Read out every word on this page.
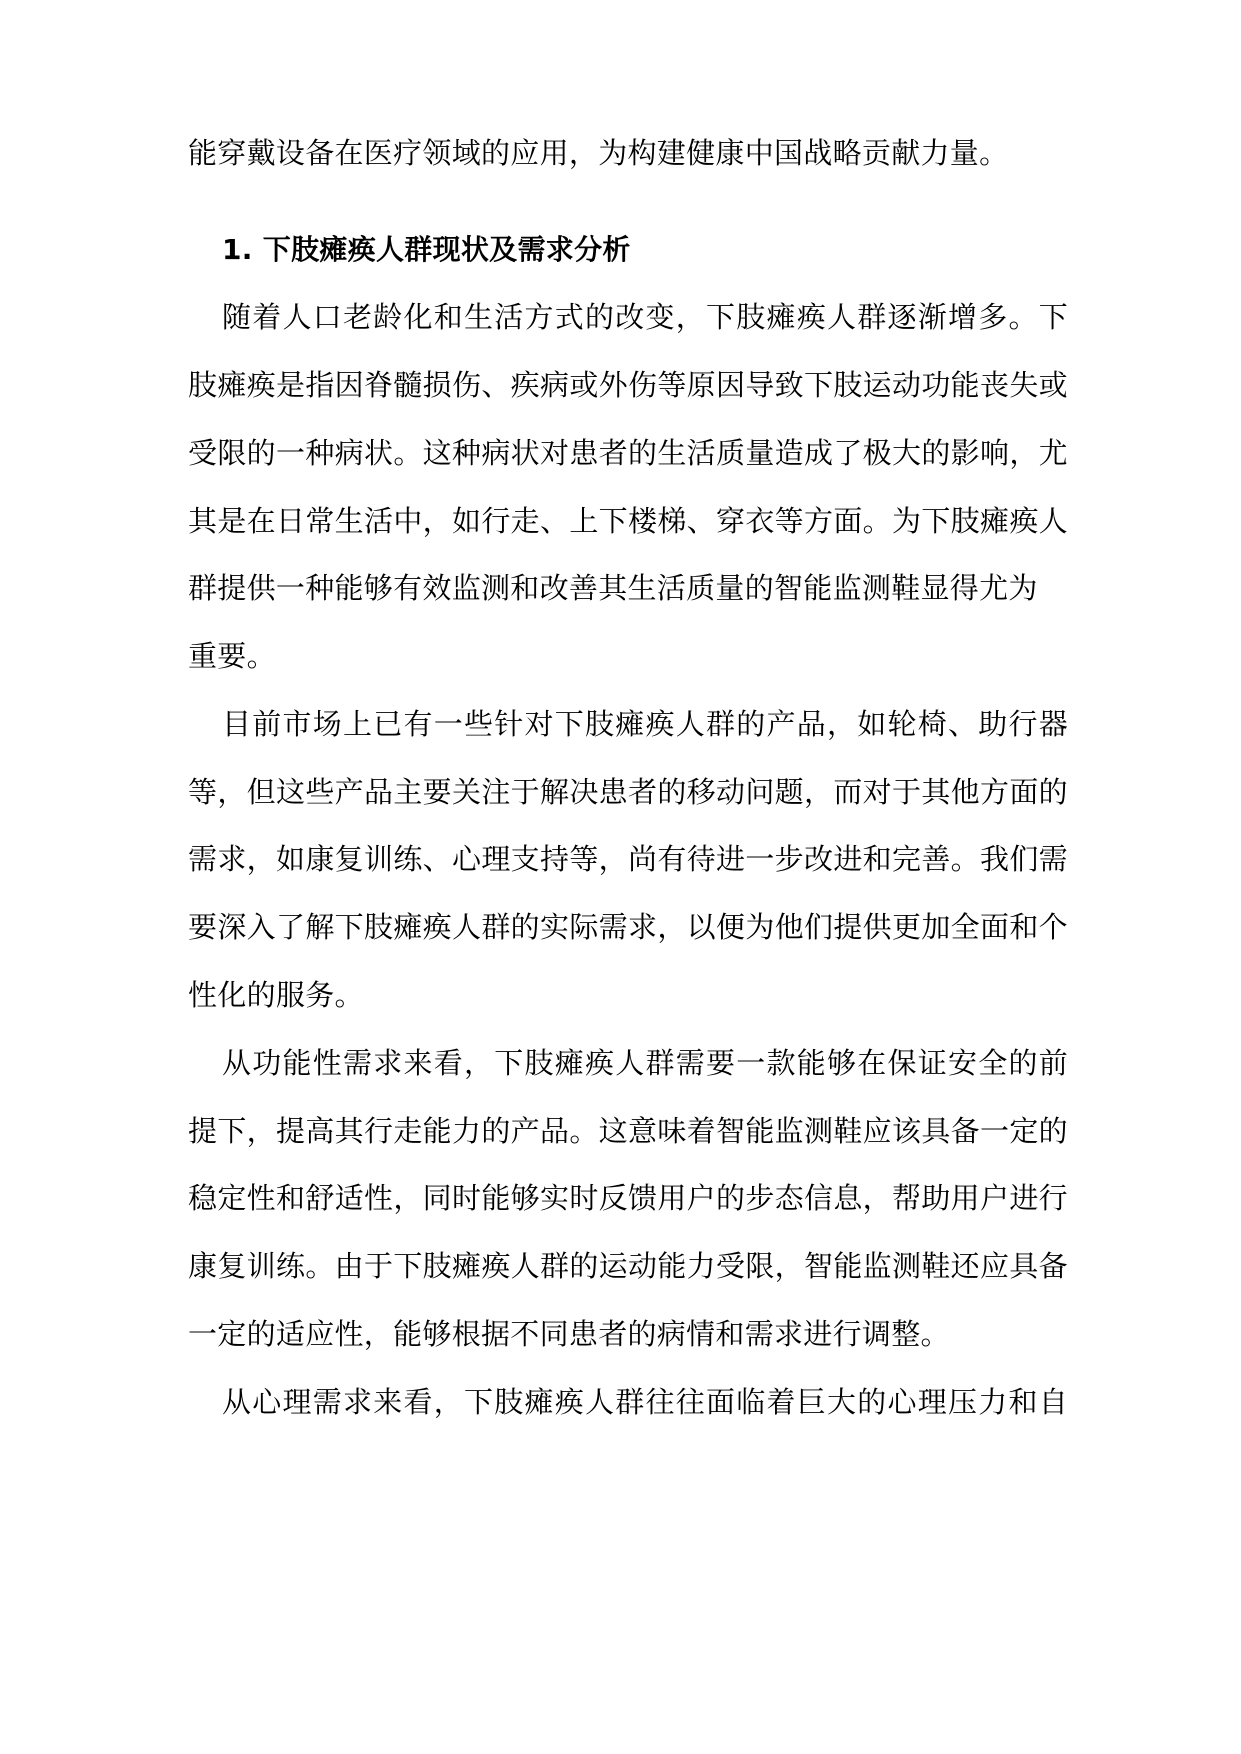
能穿戴设备在医疗领域的应用，为构建健康中国战略贡献力量。
1. 下肢瘫痪人群现状及需求分析
随着人口老龄化和生活方式的改变，下肢瘫痪人群逐渐增多。下
肢瘫痪是指因脊髓损伤、疾病或外伤等原因导致下肢运动功能丧失或
受限的一种病状。这种病状对患者的生活质量造成了极大的影响，尤
其是在日常生活中，如行走、上下楼梯、穿衣等方面。为下肢瘫痪人
群提供一种能够有效监测和改善其生活质量的智能监测鞋显得尤为
重要。
目前市场上已有一些针对下肢瘫痪人群的产品，如轮椅、助行器
等，但这些产品主要关注于解决患者的移动问题，而对于其他方面的
需求，如康复训练、心理支持等，尚有待进一步改进和完善。我们需
要深入了解下肢瘫痪人群的实际需求，以便为他们提供更加全面和个
性化的服务。
从功能性需求来看，下肢瘫痪人群需要一款能够在保证安全的前
提下，提高其行走能力的产品。这意味着智能监测鞋应该具备一定的
稳定性和舒适性，同时能够实时反馈用户的步态信息，帮助用户进行
康复训练。由于下肢瘫痪人群的运动能力受限，智能监测鞋还应具备
一定的适应性，能够根据不同患者的病情和需求进行调整。
从心理需求来看，下肢瘫痪人群往往面临着巨大的心理压力和自
